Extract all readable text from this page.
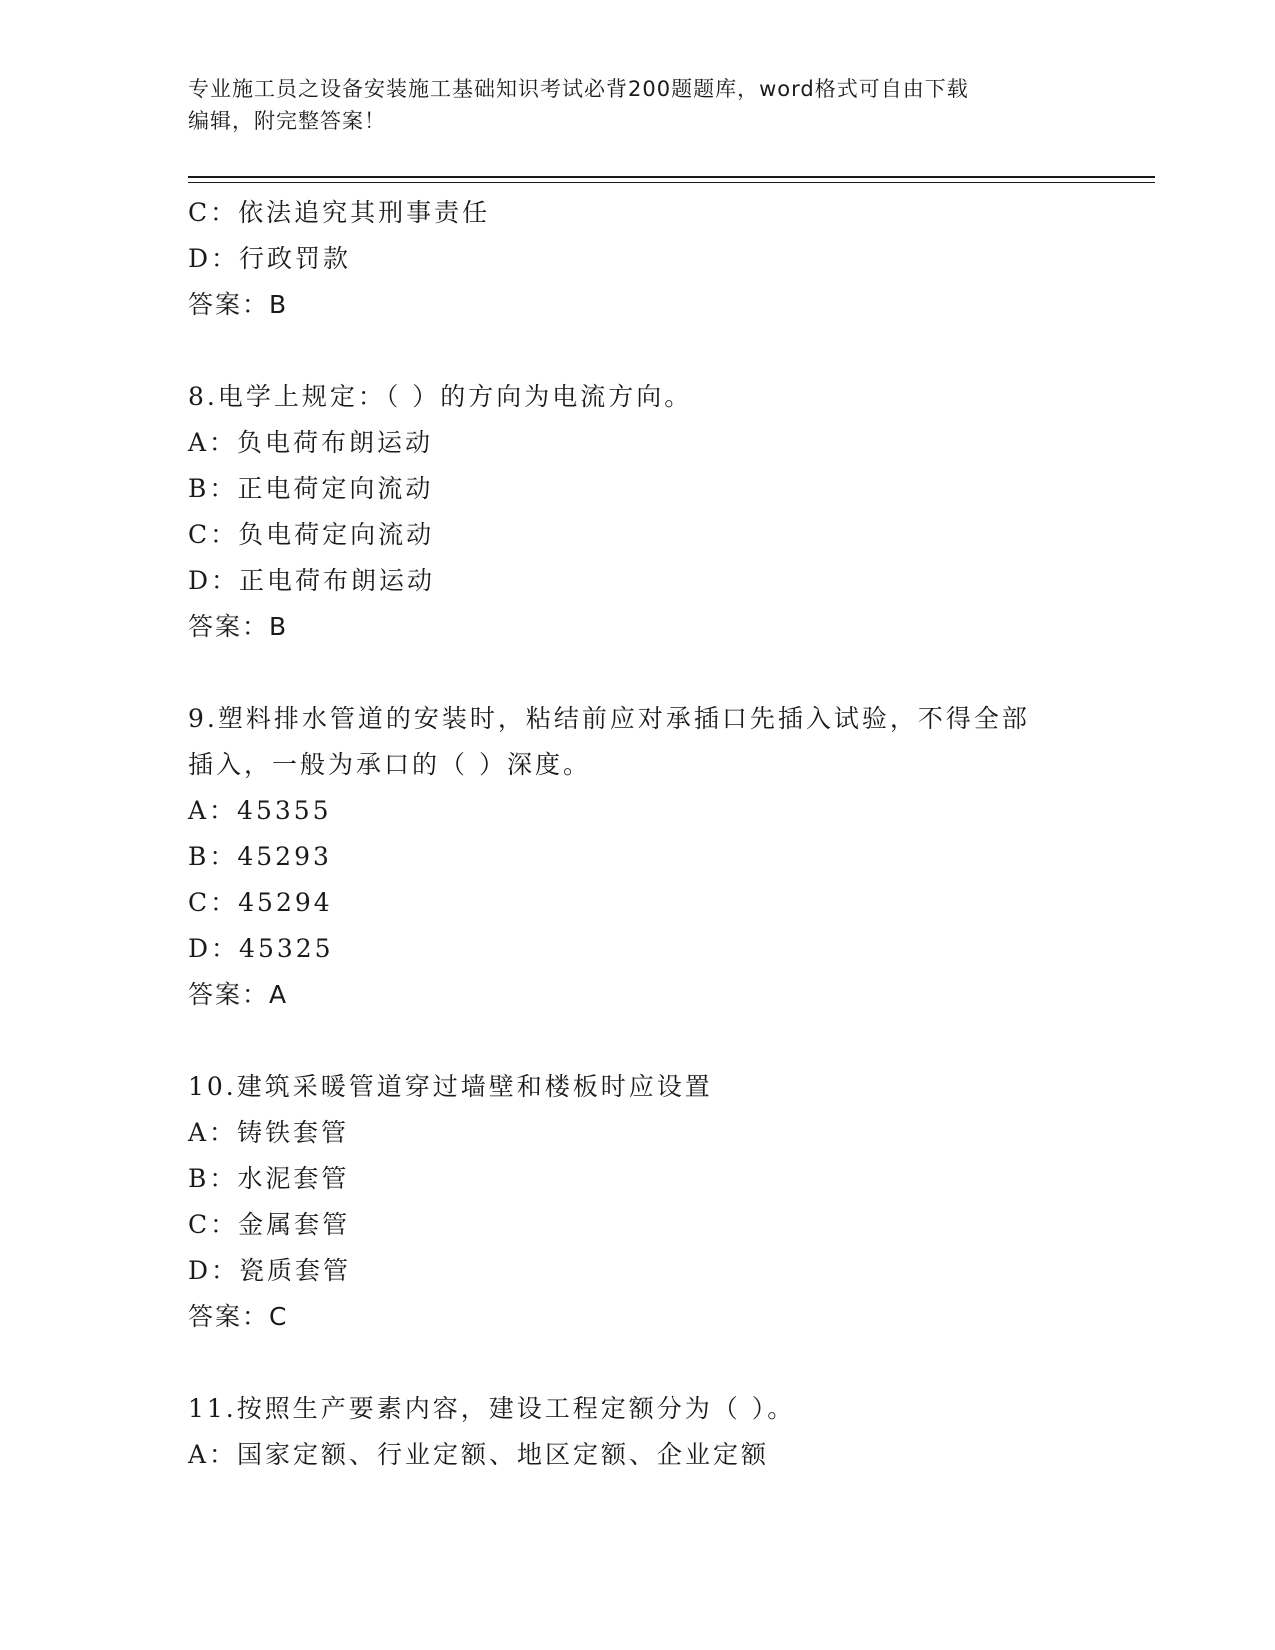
专业施工员之设备安装施工基础知识考试必背200题题库，word格式可自由下载
编辑，附完整答案！
C：依法追究其刑事责任
D：行政罚款
答案：B
8.电学上规定：（ ）的方向为电流方向。
A：负电荷布朗运动
B：正电荷定向流动
C：负电荷定向流动
D：正电荷布朗运动
答案：B
9.塑料排水管道的安装时，粘结前应对承插口先插入试验，不得全部
插入，一般为承口的（ ）深度。
A：45355
B：45293
C：45294
D：45325
答案：A
10.建筑采暖管道穿过墙壁和楼板时应设置
A：铸铁套管
B：水泥套管
C：金属套管
D：瓷质套管
答案：C
11.按照生产要素内容，建设工程定额分为（ ）。
A：国家定额、行业定额、地区定额、企业定额
